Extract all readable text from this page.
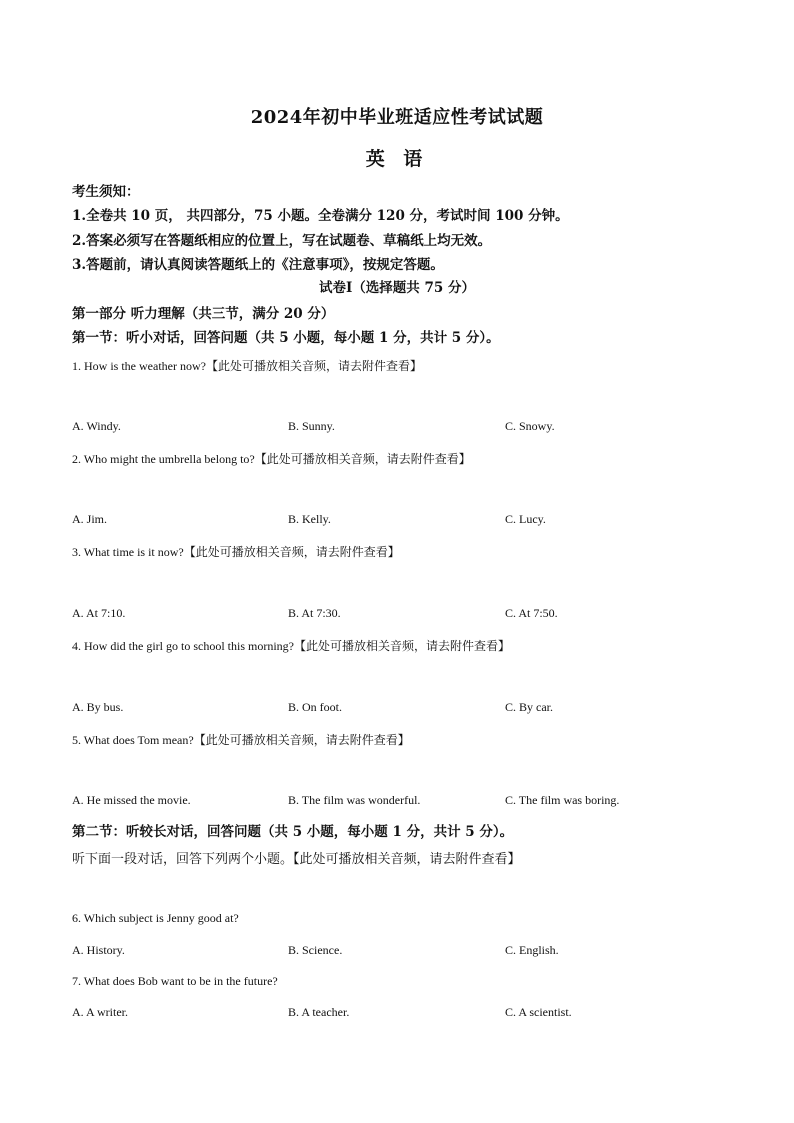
2024年初中毕业班适应性考试试题
英 语
考生须知：
1.全卷共 10 页， 共四部分，75 小题。全卷满分 120 分，考试时间 100 分钟。
2.答案必须写在答题纸相应的位置上，写在试题卷、草稿纸上均无效。
3.答题前，请认真阅读答题纸上的《注意事项》，按规定答题。
试卷Ⅰ（选择题共 75 分）
第一部分 听力理解（共三节，满分 20 分）
第一节：听小对话，回答问题（共 5 小题，每小题 1 分，共计 5 分）。
1. How is the weather now?【此处可播放相关音频，请去附件查看】
A. Windy.	B. Sunny.	C. Snowy.
2. Who might the umbrella belong to?【此处可播放相关音频，请去附件查看】
A. Jim.	B. Kelly.	C. Lucy.
3. What time is it now?【此处可播放相关音频，请去附件查看】
A. At 7:10.	B. At 7:30.	C. At 7:50.
4. How did the girl go to school this morning?【此处可播放相关音频，请去附件查看】
A. By bus.	B. On foot.	C. By car.
5. What does Tom mean?【此处可播放相关音频，请去附件查看】
A. He missed the movie.	B. The film was wonderful.	C. The film was boring.
第二节：听较长对话，回答问题（共 5 小题，每小题 1 分，共计 5 分）。
听下面一段对话，回答下列两个小题。【此处可播放相关音频，请去附件查看】
6. Which subject is Jenny good at?
A. History.	B. Science.	C. English.
7. What does Bob want to be in the future?
A. A writer.	B. A teacher.	C. A scientist.
